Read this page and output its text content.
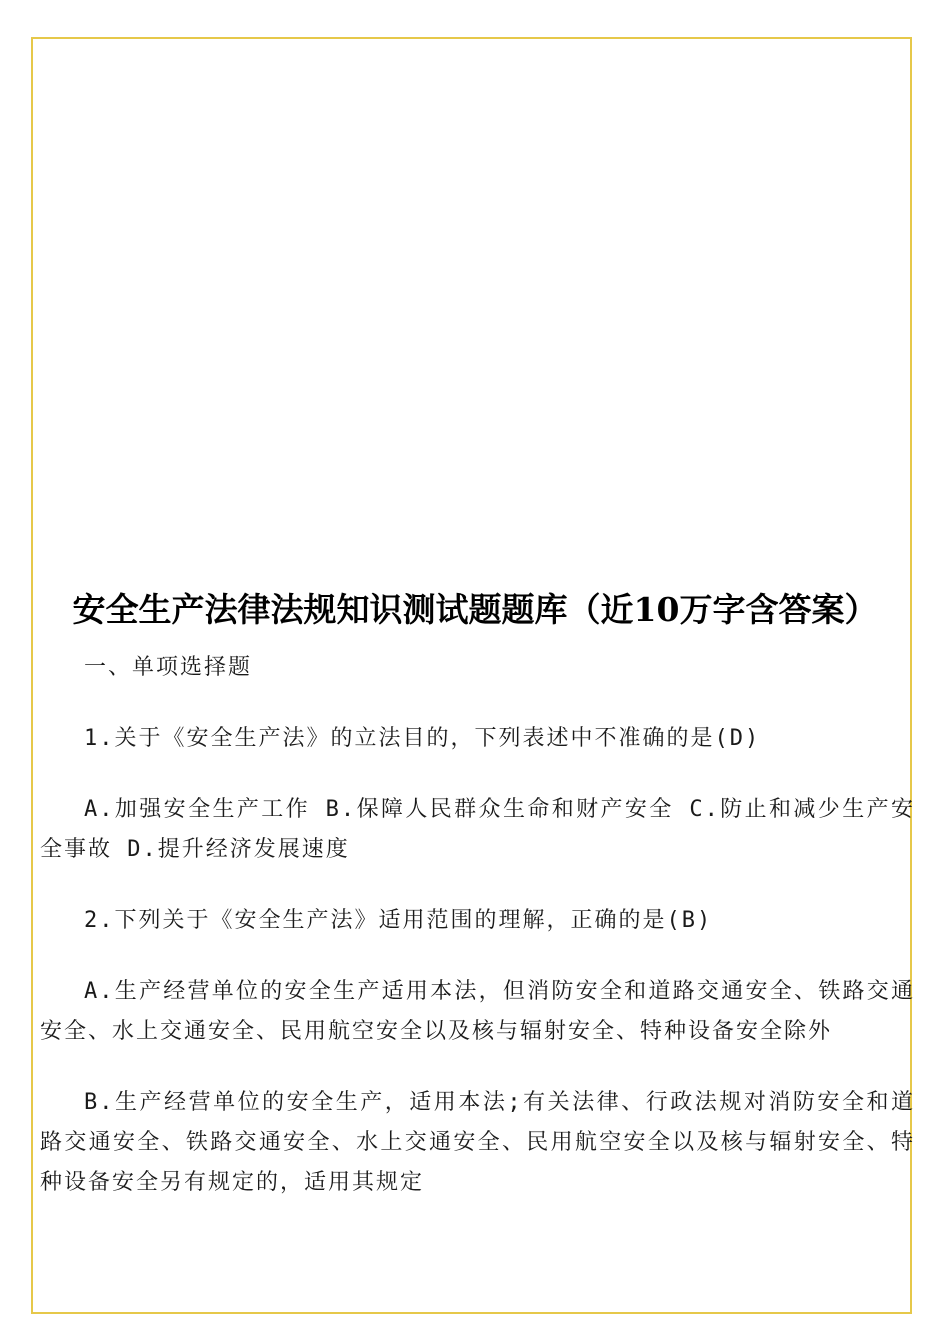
安全生产法律法规知识测试题题库（近10万字含答案）

一、单项选择题

1.关于《安全生产法》的立法目的，下列表述中不准确的是(D)

A.加强安全生产工作 B.保障人民群众生命和财产安全 C.防止和减少生产安全事故 D.提升经济发展速度

2.下列关于《安全生产法》适用范围的理解，正确的是(B)

A.生产经营单位的安全生产适用本法，但消防安全和道路交通安全、铁路交通安全、水上交通安全、民用航空安全以及核与辐射安全、特种设备安全除外

B.生产经营单位的安全生产，适用本法;有关法律、行政法规对消防安全和道路交通安全、铁路交通安全、水上交通安全、民用航空安全以及核与辐射安全、特种设备安全另有规定的，适用其规定
